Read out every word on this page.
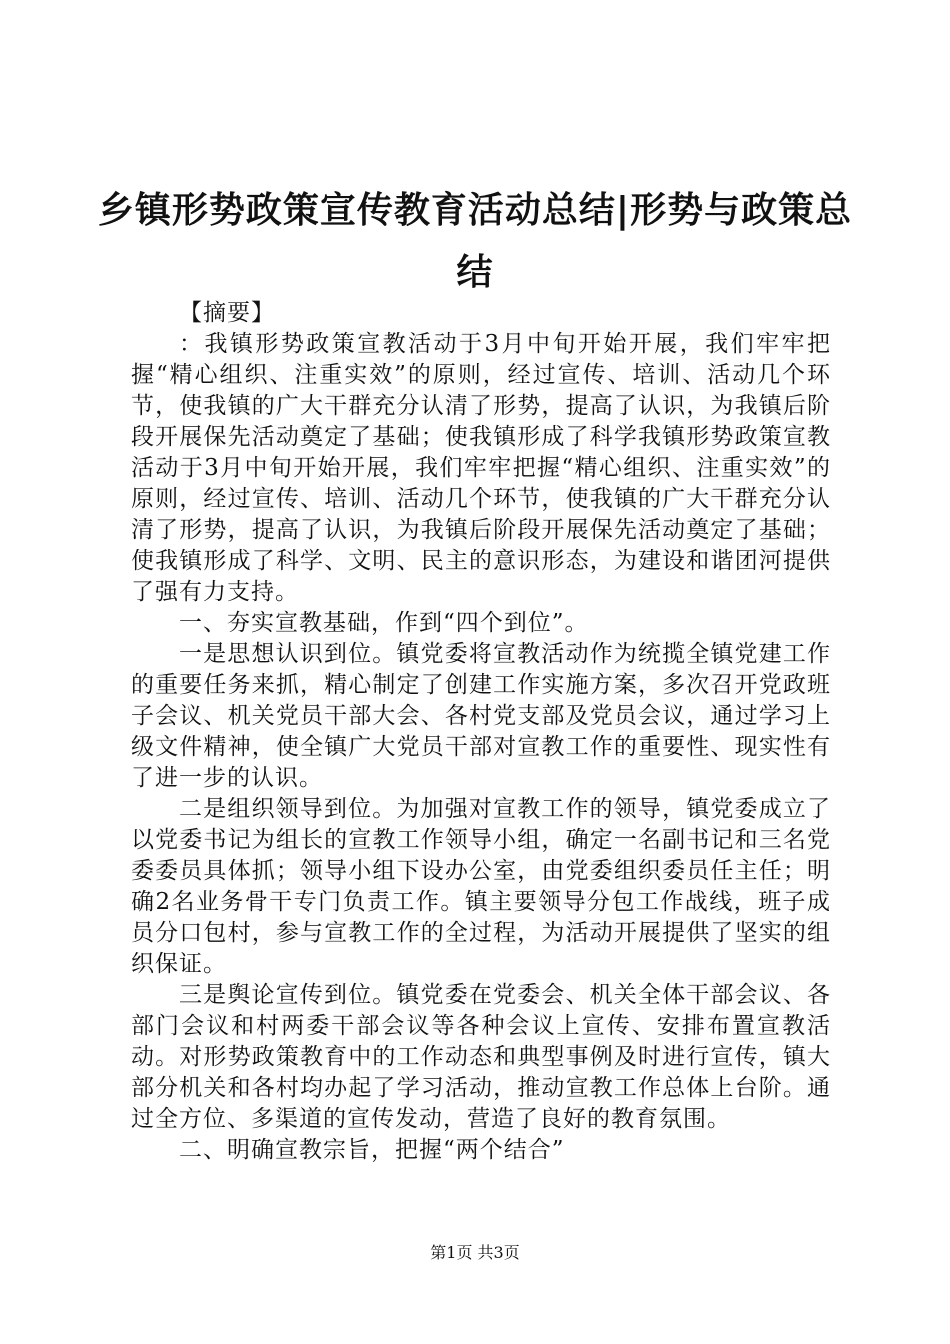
乡镇形势政策宣传教育活动总结|形势与政策总结

【摘要】

：我镇形势政策宣教活动于3月中旬开始开展，我们牢牢把握“精心组织、注重实效”的原则，经过宣传、培训、活动几个环节，使我镇的广大干群充分认清了形势，提高了认识，为我镇后阶段开展保先活动奠定了基础；使我镇形成了科学我镇形势政策宣教活动于3月中旬开始开展，我们牢牢把握“精心组织、注重实效”的原则，经过宣传、培训、活动几个环节，使我镇的广大干群充分认清了形势，提高了认识，为我镇后阶段开展保先活动奠定了基础；使我镇形成了科学、文明、民主的意识形态，为建设和谐团河提供了强有力支持。

一、夯实宣教基础，作到“四个到位”。

一是思想认识到位。镇党委将宣教活动作为统揽全镇党建工作的重要任务来抓，精心制定了创建工作实施方案，多次召开党政班子会议、机关党员干部大会、各村党支部及党员会议，通过学习上级文件精神，使全镇广大党员干部对宣教工作的重要性、现实性有了进一步的认识。

二是组织领导到位。为加强对宣教工作的领导，镇党委成立了以党委书记为组长的宣教工作领导小组，确定一名副书记和三名党委委员具体抓；领导小组下设办公室，由党委组织委员任主任；明确2名业务骨干专门负责工作。镇主要领导分包工作战线，班子成员分口包村，参与宣教工作的全过程，为活动开展提供了坚实的组织保证。

三是舆论宣传到位。镇党委在党委会、机关全体干部会议、各部门会议和村两委干部会议等各种会议上宣传、安排布置宣教活动。对形势政策教育中的工作动态和典型事例及时进行宣传，镇大部分机关和各村均办起了学习活动，推动宣教工作总体上台阶。通过全方位、多渠道的宣传发动，营造了良好的教育氛围。

二、明确宣教宗旨，把握“两个结合”

第1页 共3页
